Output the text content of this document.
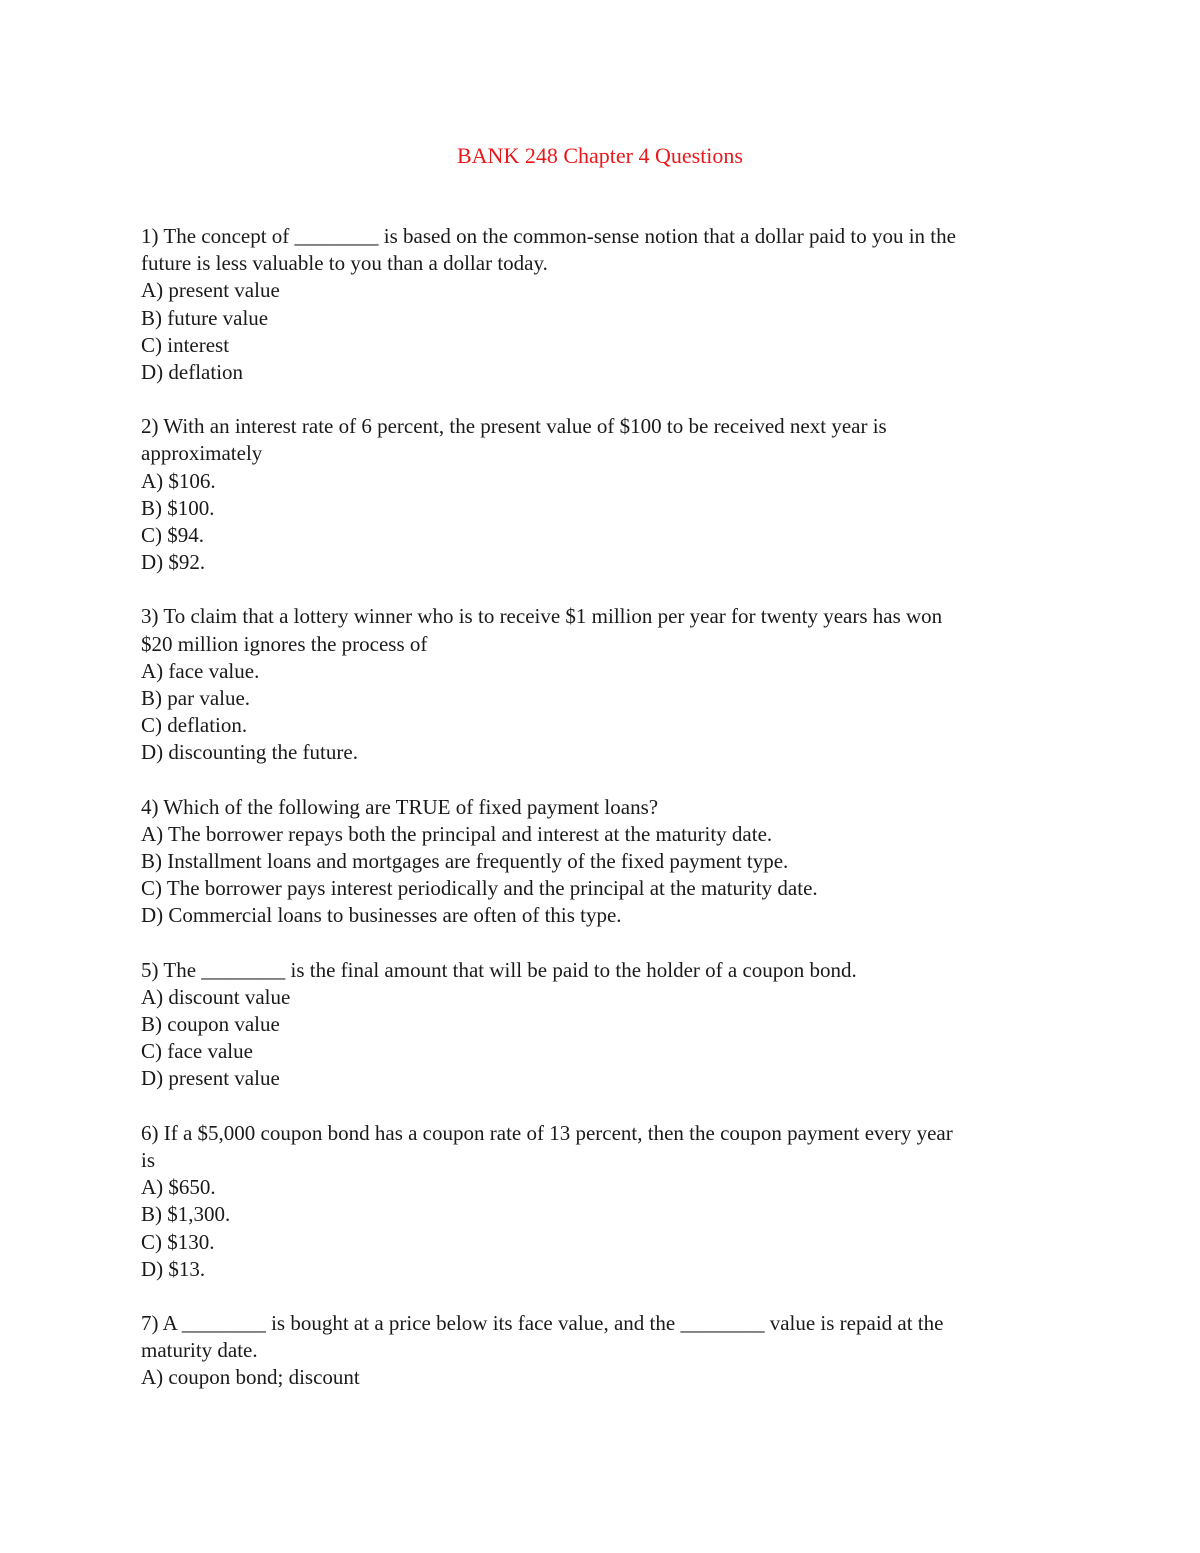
BANK 248 Chapter 4 Questions

1) The concept of ________ is based on the common-sense notion that a dollar paid to you in the

future is less valuable to you than a dollar today.

A) present value

B) future value

C) interest

D) deflation

2) With an interest rate of 6 percent, the present value of $100 to be received next year is

approximately

A) $106.

B) $100.

C) $94.

D) $92.

3) To claim that a lottery winner who is to receive $1 million per year for twenty years has won

$20 million ignores the process of

A) face value.

B) par value.

C) deflation.

D) discounting the future.

4) Which of the following are TRUE of fixed payment loans?

A) The borrower repays both the principal and interest at the maturity date.

B) Installment loans and mortgages are frequently of the fixed payment type.

C) The borrower pays interest periodically and the principal at the maturity date.

D) Commercial loans to businesses are often of this type.

5) The ________ is the final amount that will be paid to the holder of a coupon bond.

A) discount value

B) coupon value

C) face value

D) present value

6) If a $5,000 coupon bond has a coupon rate of 13 percent, then the coupon payment every year

is

A) $650.

B) $1,300.

C) $130.

D) $13.

7) A ________ is bought at a price below its face value, and the ________ value is repaid at the

maturity date.

A) coupon bond; discount
